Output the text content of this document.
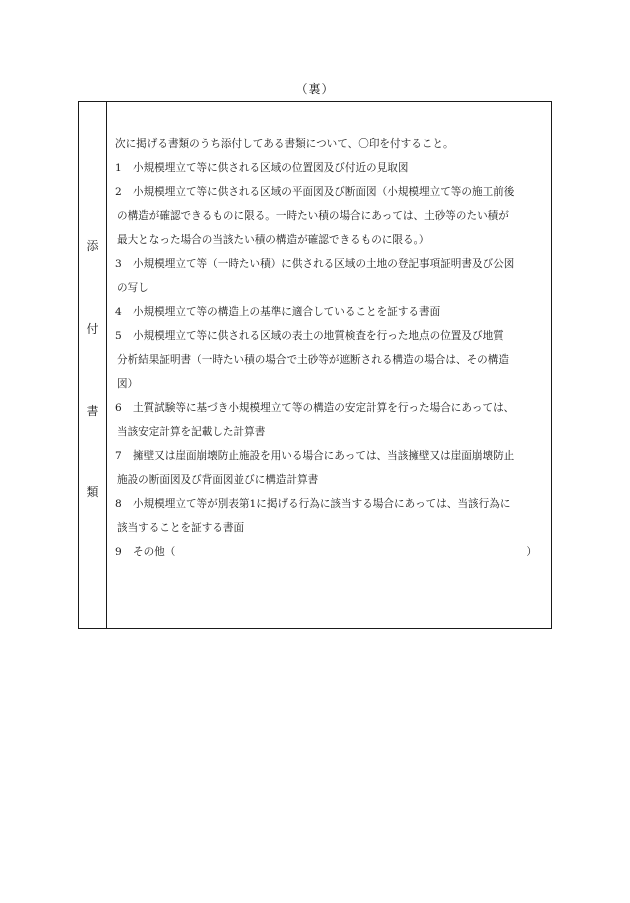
（裏）
添
付
書
類
次に掲げる書類のうち添付してある書類について、〇印を付すること。
1 小規模埋立て等に供される区域の位置図及び付近の見取図
2 小規模埋立て等に供される区域の平面図及び断面図（小規模埋立て等の施工前後
の構造が確認できるものに限る。一時たい積の場合にあっては、土砂等のたい積が
最大となった場合の当該たい積の構造が確認できるものに限る。）
3 小規模埋立て等（一時たい積）に供される区域の土地の登記事項証明書及び公図
の写し
4 小規模埋立て等の構造上の基準に適合していることを証する書面
5 小規模埋立て等に供される区域の表土の地質検査を行った地点の位置及び地質
分析結果証明書（一時たい積の場合で土砂等が遮断される構造の場合は、その構造
図）
6 土質試験等に基づき小規模埋立て等の構造の安定計算を行った場合にあっては、
当該安定計算を記載した計算書
7 擁壁又は崖面崩壊防止施設を用いる場合にあっては、当該擁壁又は崖面崩壊防止
施設の断面図及び背面図並びに構造計算書
8 小規模埋立て等が別表第1に掲げる行為に該当する場合にあっては、当該行為に
該当することを証する書面
9 その他（	）
